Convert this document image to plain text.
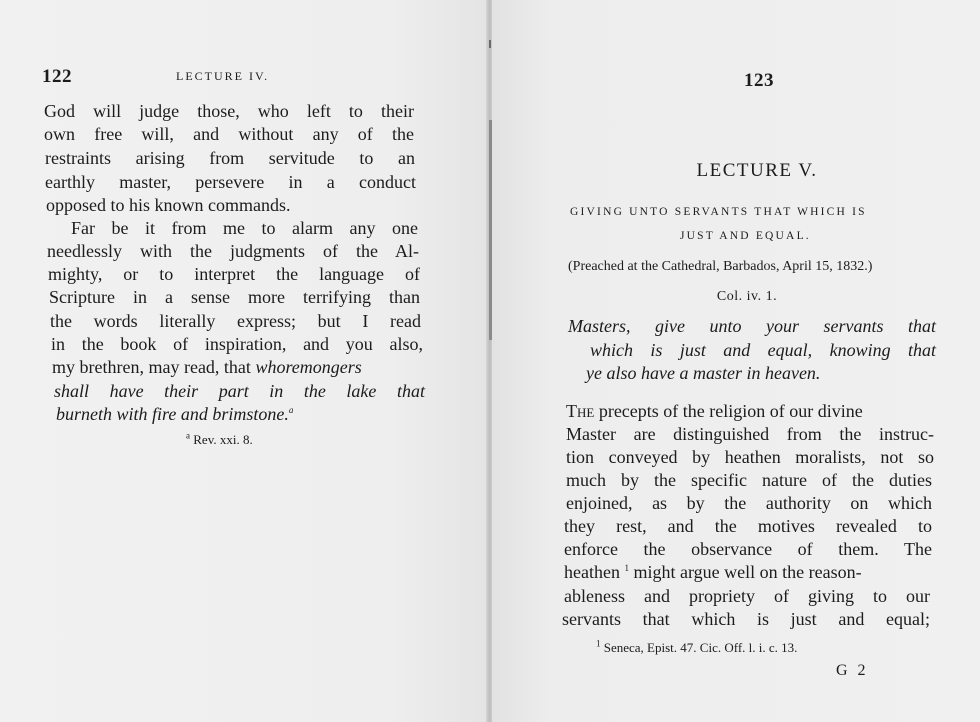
122	LECTURE IV.
God will judge those, who left to their
own free will, and without any of the
restraints arising from servitude to an
earthly master, persevere in a conduct
opposed to his known commands.
Far be it from me to alarm any one
needlessly with the judgments of the Al-
mighty, or to interpret the language of
Scripture in a sense more terrifying than
the words literally express; but I read
in the book of inspiration, and you also,
my brethren, may read, that whoremongers
shall have their part in the lake that
burneth with fire and brimstone.$^a$
$^a$ Rev. xxi. 8.
123
LECTURE V.
GIVING UNTO SERVANTS THAT WHICH IS
JUST AND EQUAL.
(Preached at the Cathedral, Barbados, April 15, 1832.)
Col. iv. 1.
Masters, give unto your servants that
which is just and equal, knowing that
ye also have a master in heaven.
The precepts of the religion of our divine
Master are distinguished from the instruc-
tion conveyed by heathen moralists, not so
much by the specific nature of the duties
enjoined, as by the authority on which
they rest, and the motives revealed to
enforce the observance of them. The
heathen $^1$ might argue well on the reason-
ableness and propriety of giving to our
servants that which is just and equal;
$^1$ Seneca, Epist. 47. Cic. Off. l. i. c. 13.
G 2
